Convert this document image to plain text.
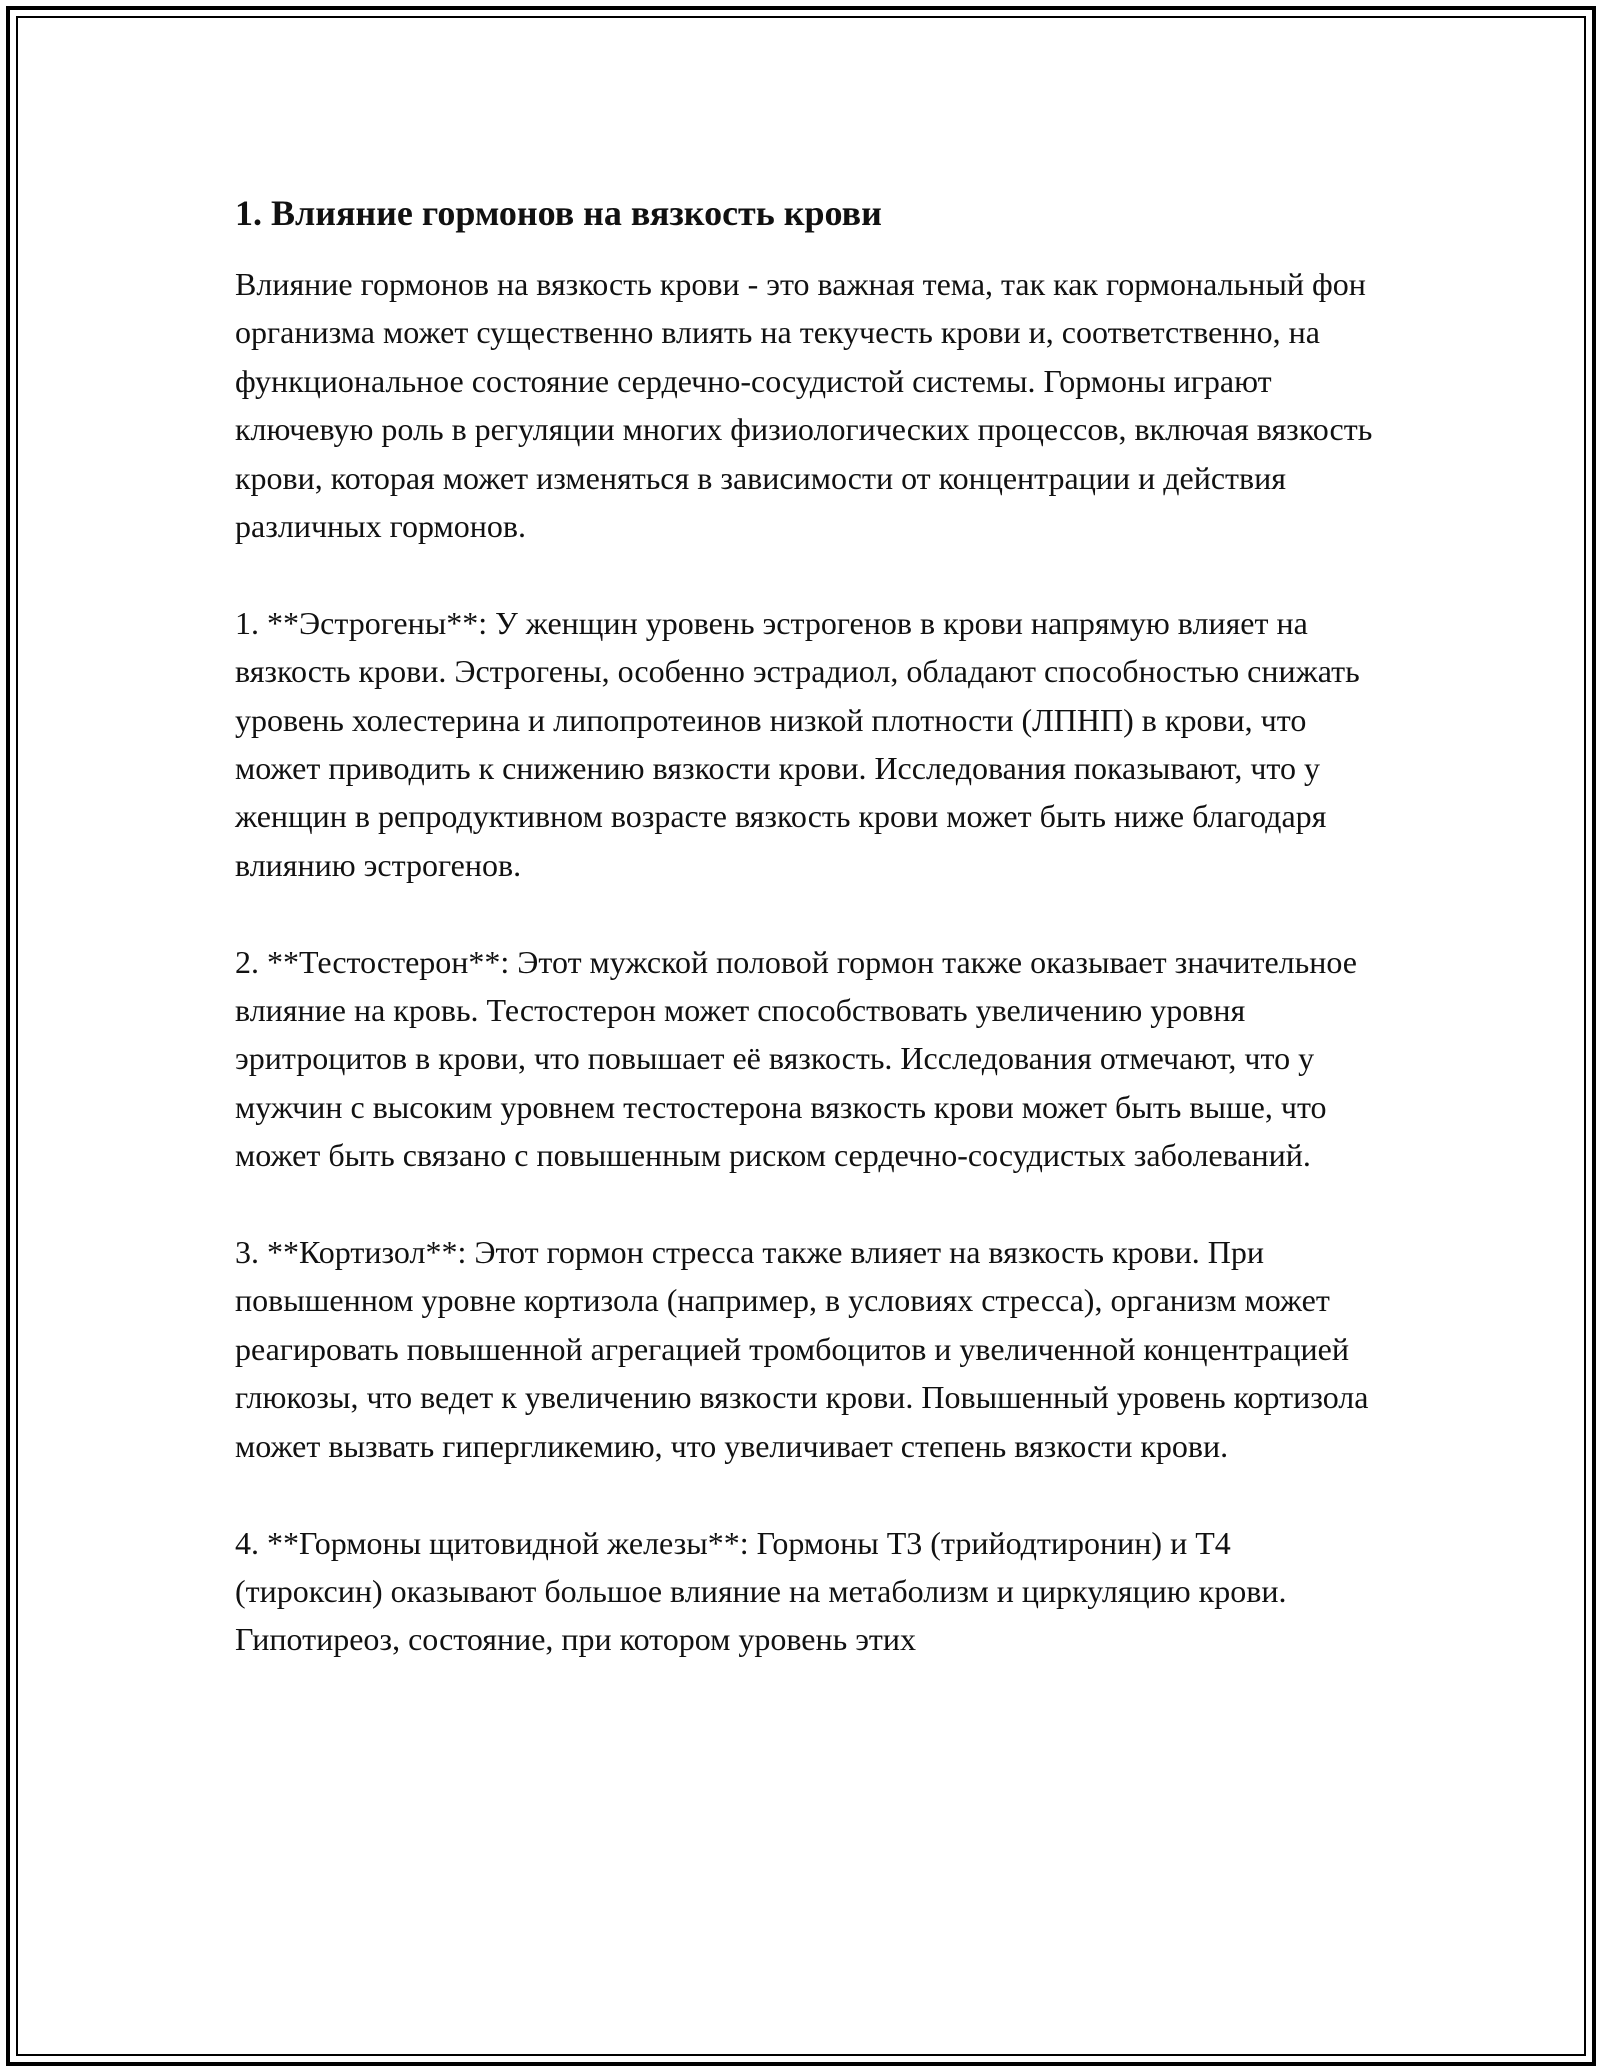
1. Влияние гормонов на вязкость крови

Влияние гормонов на вязкость крови - это важная тема, так как гормональный фон организма может существенно влиять на текучесть крови и, соответственно, на функциональное состояние сердечно-сосудистой системы. Гормоны играют ключевую роль в регуляции многих физиологических процессов, включая вязкость крови, которая может изменяться в зависимости от концентрации и действия различных гормонов.

1. **Эстрогены**: У женщин уровень эстрогенов в крови напрямую влияет на вязкость крови. Эстрогены, особенно эстрадиол, обладают способностью снижать уровень холестерина и липопротеинов низкой плотности (ЛПНП) в крови, что может приводить к снижению вязкости крови. Исследования показывают, что у женщин в репродуктивном возрасте вязкость крови может быть ниже благодаря влиянию эстрогенов.

2. **Тестостерон**: Этот мужской половой гормон также оказывает значительное влияние на кровь. Тестостерон может способствовать увеличению уровня эритроцитов в крови, что повышает её вязкость. Исследования отмечают, что у мужчин с высоким уровнем тестостерона вязкость крови может быть выше, что может быть связано с повышенным риском сердечно-сосудистых заболеваний.

3. **Кортизол**: Этот гормон стресса также влияет на вязкость крови. При повышенном уровне кортизола (например, в условиях стресса), организм может реагировать повышенной агрегацией тромбоцитов и увеличенной концентрацией глюкозы, что ведет к увеличению вязкости крови. Повышенный уровень кортизола может вызвать гипергликемию, что увеличивает степень вязкости крови.

4. **Гормоны щитовидной железы**: Гормоны Т3 (трийодтиронин) и Т4 (тироксин) оказывают большое влияние на метаболизм и циркуляцию крови. Гипотиреоз, состояние, при котором уровень этих
